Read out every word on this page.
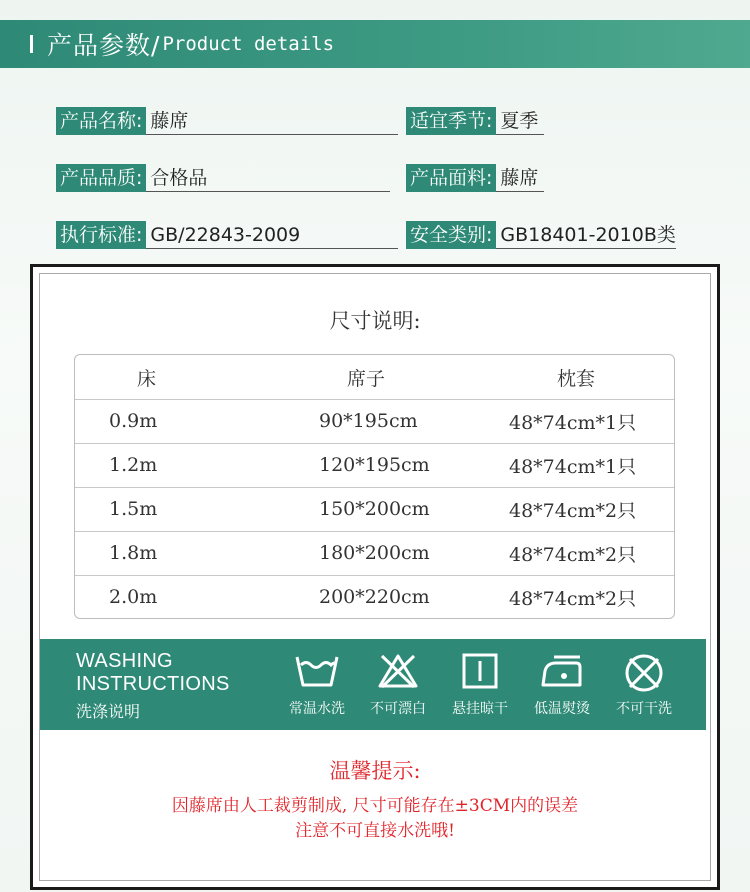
产品参数/ Product details
产品名称: 藤席	适宜季节: 夏季
产品品质: 合格品	产品面料: 藤席
执行标准: GB/22843-2009	安全类别: GB18401-2010B类
尺寸说明:
床	席子	枕套
0.9m	90*195cm	48*74cm*1只
1.2m	120*195cm	48*74cm*1只
1.5m	150*200cm	48*74cm*2只
1.8m	180*200cm	48*74cm*2只
2.0m	200*220cm	48*74cm*2只
WASHING
INSTRUCTIONS
洗涤说明	常温水洗	不可漂白	悬挂晾干	低温熨烫	不可干洗
温馨提示:
因藤席由人工裁剪制成, 尺寸可能存在±3CM内的误差
注意不可直接水洗哦!
